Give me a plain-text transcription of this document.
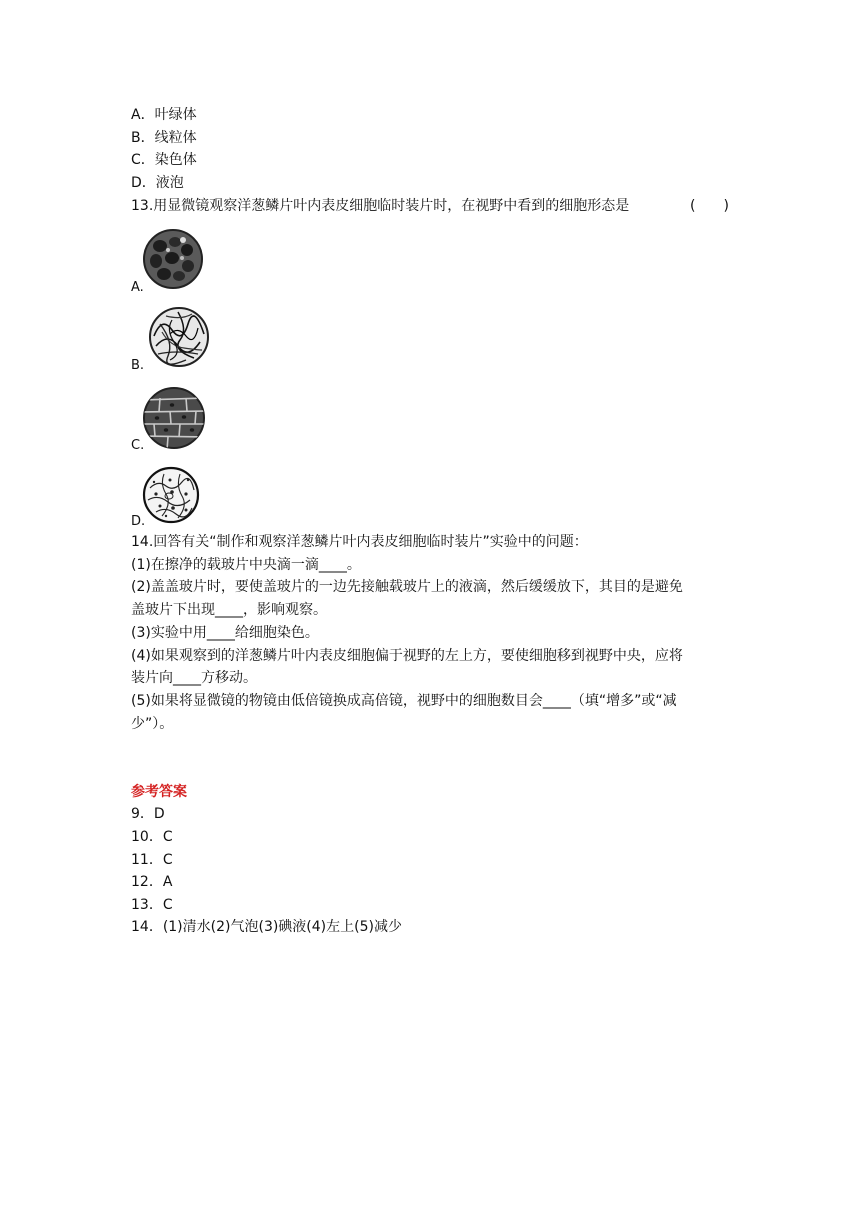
A．叶绿体
B．线粒体
C．染色体
D．液泡
13.用显微镜观察洋葱鳞片叶内表皮细胞临时装片时，在视野中看到的细胞形态是	(　　)
A.
B.
C.
D.
14.回答有关“制作和观察洋葱鳞片叶内表皮细胞临时装片”实验中的问题：
(1)在擦净的载玻片中央滴一滴____。
(2)盖盖玻片时，要使盖玻片的一边先接触载玻片上的液滴，然后缓缓放下，其目的是避免
盖玻片下出现____，影响观察。
(3)实验中用____给细胞染色。
(4)如果观察到的洋葱鳞片叶内表皮细胞偏于视野的左上方，要使细胞移到视野中央，应将
装片向____方移动。
(5)如果将显微镜的物镜由低倍镜换成高倍镜，视野中的细胞数目会____（填“增多”或“减
少”）。
参考答案
9．D
10．C
11．C
12．A
13．C
14．(1)清水(2)气泡(3)碘液(4)左上(5)减少
